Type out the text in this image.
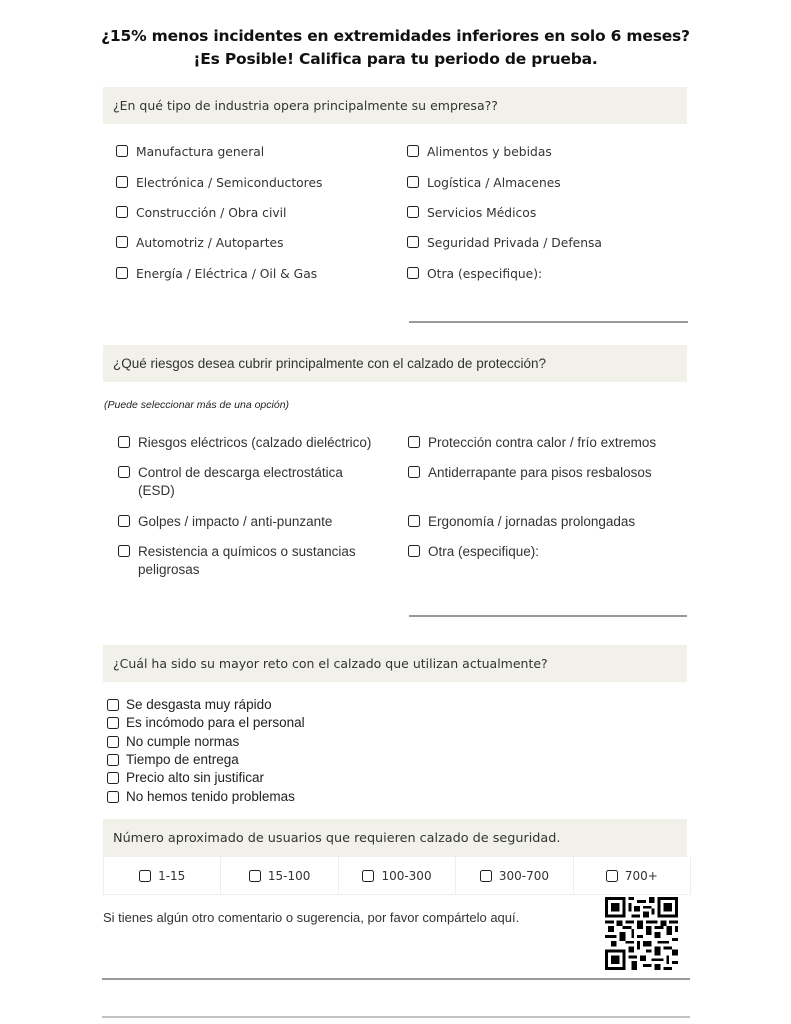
¿15% menos incidentes en extremidades inferiores en solo 6 meses?
¡Es Posible! Califica para tu periodo de prueba.
¿En qué tipo de industria opera principalmente su empresa??
Manufactura general
Electrónica / Semiconductores
Construcción / Obra civil
Automotriz / Autopartes
Energía / Eléctrica / Oil & Gas
Alimentos y bebidas
Logística / Almacenes
Servicios Médicos
Seguridad Privada / Defensa
Otra (especifique):
¿Qué riesgos desea cubrir principalmente con el calzado de protección?
(Puede seleccionar más de una opción)
Riesgos eléctricos (calzado dieléctrico)
Control de descarga electrostática (ESD)
Golpes / impacto / anti-punzante
Resistencia a químicos o sustancias peligrosas
Protección contra calor / frío extremos
Antiderrapante para pisos resbalosos
Ergonomía / jornadas prolongadas
Otra (especifique):
¿Cuál ha sido su mayor reto con el calzado que utilizan actualmente?
Se desgasta muy rápido
Es incómodo para el personal
No cumple normas
Tiempo de entrega
Precio alto sin justificar
No hemos tenido problemas
Número aproximado de usuarios que requieren calzado de seguridad.
1-15	15-100	100-300	300-700	700+
Si tienes algún otro comentario o sugerencia, por favor compártelo aquí.
